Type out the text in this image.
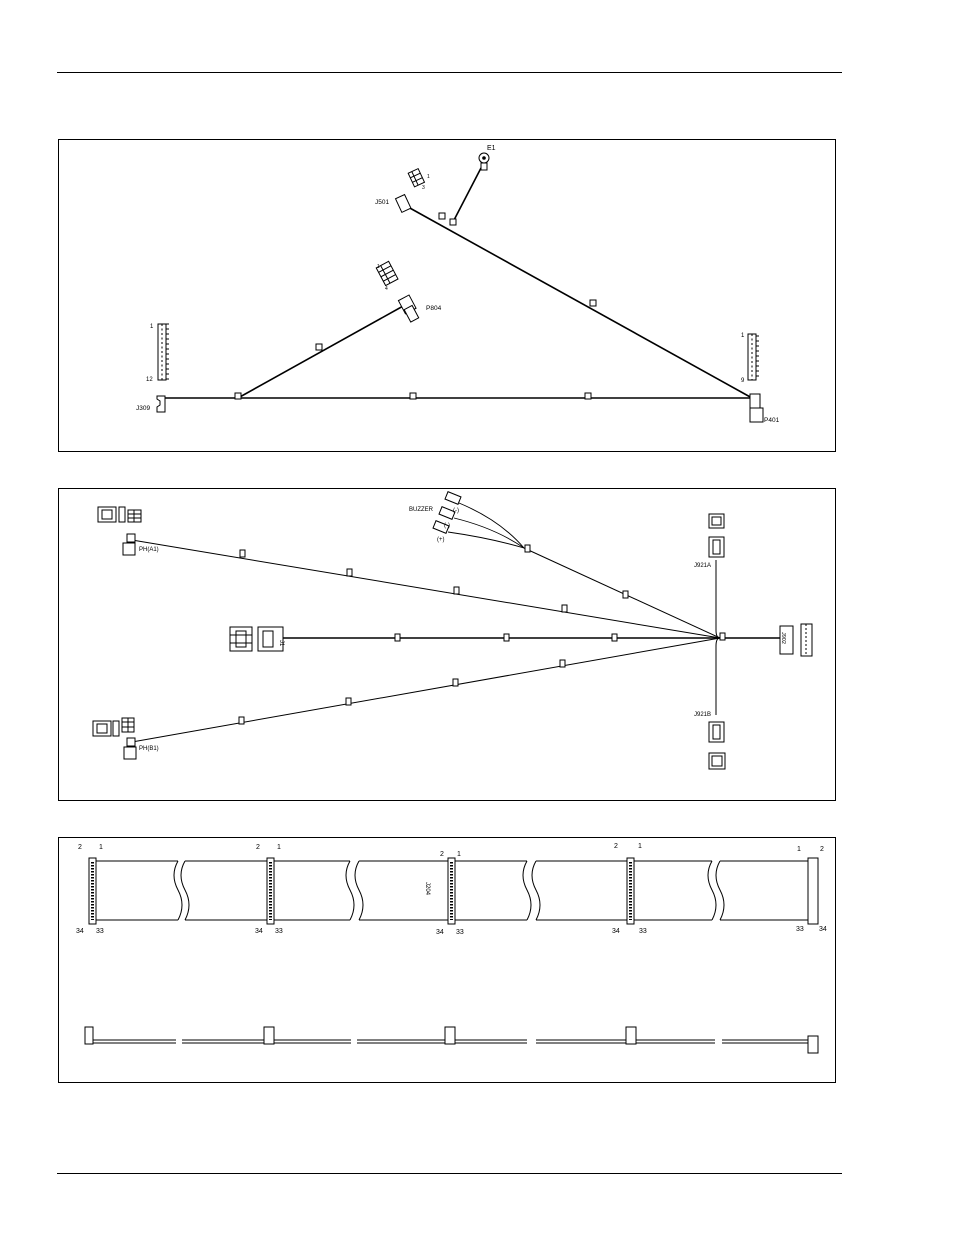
E1
J501
1
3
P804
1
4
J309
1
12
P401
1
9
BUZZER	(-)
(-)
(+)
PH(A1)
PH(B1)
J1	J902
J921A
J921B
J204
2 1
34 33
2 1
34 33
2 1
34 33
2	1
34	33
1	2
33 34
